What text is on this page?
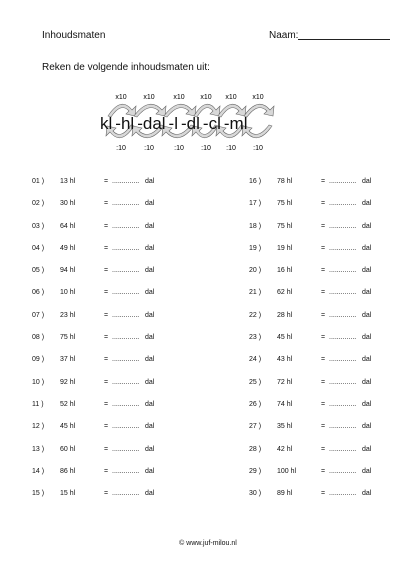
Inhoudsmaten	Naam:
Reken de volgende inhoudsmaten uit:
x10
:10
x10
:10
x10
:10
x10
:10
x10
:10
x10
:10
kl -hl -dal -l -dl -cl -ml
01 ) 13 hl	= .............. dal
02 ) 30 hl	= .............. dal
03 ) 64 hl	= .............. dal
04 ) 49 hl	= .............. dal
05 ) 94 hl	= .............. dal
06 ) 10 hl	= .............. dal
07 ) 23 hl	= .............. dal
08 ) 75 hl	= .............. dal
09 ) 37 hl	= .............. dal
10 ) 92 hl	= .............. dal
11 ) 52 hl	= .............. dal
12 ) 45 hl	= .............. dal
13 ) 60 hl	= .............. dal
14 ) 86 hl	= .............. dal
15 ) 15 hl	= .............. dal
16 ) 78 hl	= .............. dal
17 ) 75 hl	= .............. dal
18 ) 75 hl	= .............. dal
19 ) 19 hl	= .............. dal
20 ) 16 hl	= .............. dal
21 ) 62 hl	= .............. dal
22 ) 28 hl	= .............. dal
23 ) 45 hl	= .............. dal
24 ) 43 hl	= .............. dal
25 ) 72 hl	= .............. dal
26 ) 74 hl	= .............. dal
27 ) 35 hl	= .............. dal
28 ) 42 hl	= .............. dal
29 ) 100 hl	= .............. dal
30 ) 89 hl	= .............. dal
© www.juf-milou.nl
